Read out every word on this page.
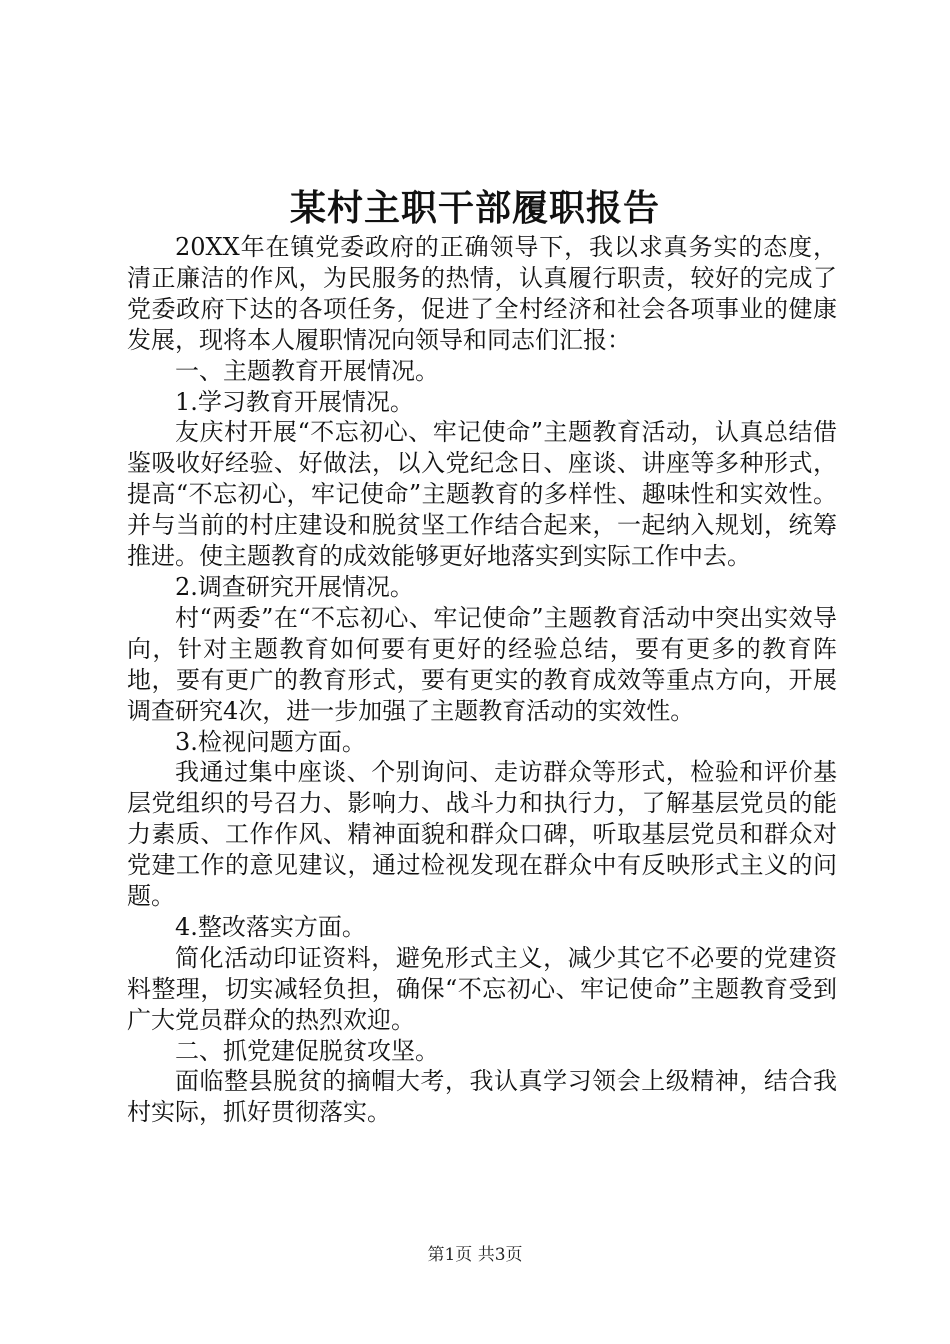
某村主职干部履职报告

20XX年在镇党委政府的正确领导下，我以求真务实的态度，清正廉洁的作风，为民服务的热情，认真履行职责，较好的完成了党委政府下达的各项任务，促进了全村经济和社会各项事业的健康发展，现将本人履职情况向领导和同志们汇报：

一、主题教育开展情况。

1.学习教育开展情况。

友庆村开展“不忘初心、牢记使命”主题教育活动，认真总结借鉴吸收好经验、好做法，以入党纪念日、座谈、讲座等多种形式，提高“不忘初心，牢记使命”主题教育的多样性、趣味性和实效性。并与当前的村庄建设和脱贫坚工作结合起来，一起纳入规划，统筹推进。使主题教育的成效能够更好地落实到实际工作中去。

2.调查研究开展情况。

村“两委”在“不忘初心、牢记使命”主题教育活动中突出实效导向，针对主题教育如何要有更好的经验总结，要有更多的教育阵地，要有更广的教育形式，要有更实的教育成效等重点方向，开展调查研究4次，进一步加强了主题教育活动的实效性。

3.检视问题方面。

我通过集中座谈、个别询问、走访群众等形式，检验和评价基层党组织的号召力、影响力、战斗力和执行力，了解基层党员的能力素质、工作作风、精神面貌和群众口碑，听取基层党员和群众对党建工作的意见建议，通过检视发现在群众中有反映形式主义的问题。

4.整改落实方面。

简化活动印证资料，避免形式主义，减少其它不必要的党建资料整理，切实减轻负担，确保“不忘初心、牢记使命”主题教育受到广大党员群众的热烈欢迎。

二、抓党建促脱贫攻坚。

面临整县脱贫的摘帽大考，我认真学习领会上级精神，结合我村实际，抓好贯彻落实。

第1页 共3页
